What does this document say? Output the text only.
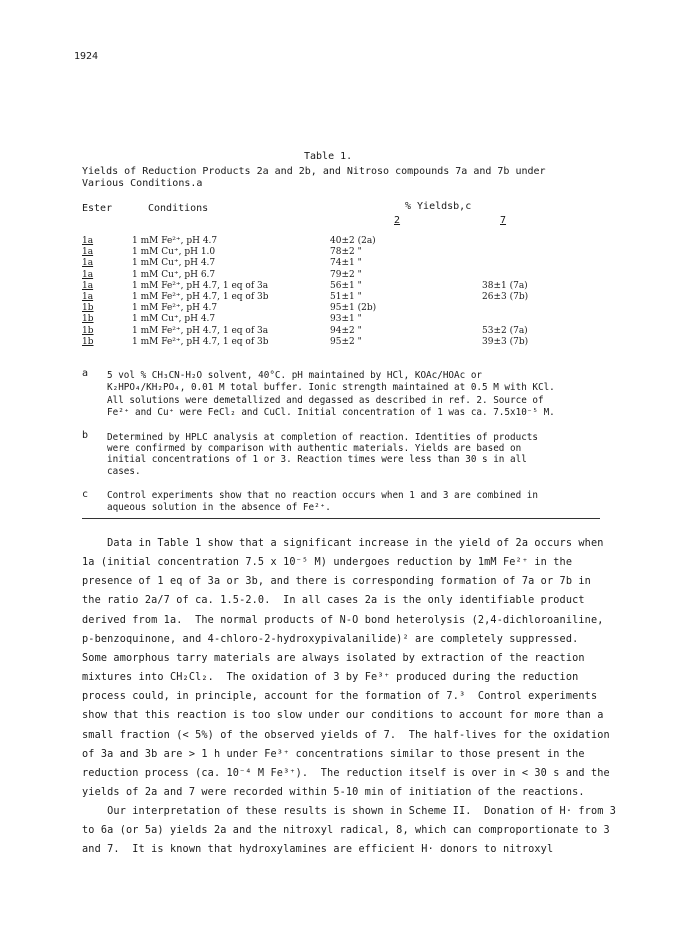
1924
Table 1.
Yields of Reduction Products 2a and 2b, and Nitroso compounds 7a and 7b under
Various Conditions.a
Ester	Conditions	% Yieldsb,c
2	7
1a	1 mM Fe²⁺, pH 4.7	40±2 (2a)
1a	1 mM Cu⁺, pH 1.0	78±2 "
1a	1 mM Cu⁺, pH 4.7	74±1 "
1a	1 mM Cu⁺, pH 6.7	79±2 "
1a	1 mM Fe²⁺, pH 4.7, 1 eq of 3a	56±1 "	38±1 (7a)
1a	1 mM Fe²⁺, pH 4.7, 1 eq of 3b	51±1 "	26±3 (7b)
1b	1 mM Fe²⁺, pH 4.7	95±1 (2b)
1b	1 mM Cu⁺, pH 4.7	93±1 "
1b	1 mM Fe²⁺, pH 4.7, 1 eq of 3a	94±2 "	53±2 (7a)
1b	1 mM Fe²⁺, pH 4.7, 1 eq of 3b	95±2 "	39±3 (7b)
a 5 vol % CH₃CN-H₂O solvent, 40°C. pH maintained by HCl, KOAc/HOAc or
K₂HPO₄/KH₂PO₄, 0.01 M total buffer. Ionic strength maintained at 0.5 M with KCl.
All solutions were demetallized and degassed as described in ref. 2. Source of
Fe²⁺ and Cu⁺ were FeCl₂ and CuCl. Initial concentration of 1 was ca. 7.5x10⁻⁵ M.
b Determined by HPLC analysis at completion of reaction. Identities of products
were confirmed by comparison with authentic materials. Yields are based on
initial concentrations of 1 or 3. Reaction times were less than 30 s in all
cases.
c Control experiments show that no reaction occurs when 1 and 3 are combined in
aqueous solution in the absence of Fe²⁺.
Data in Table 1 show that a significant increase in the yield of 2a occurs when
1a (initial concentration 7.5 x 10⁻⁵ M) undergoes reduction by 1mM Fe²⁺ in the
presence of 1 eq of 3a or 3b, and there is corresponding formation of 7a or 7b in
the ratio 2a/7 of ca. 1.5-2.0.  In all cases 2a is the only identifiable product
derived from 1a.  The normal products of N-O bond heterolysis (2,4-dichloroaniline,
p-benzoquinone, and 4-chloro-2-hydroxypivalanilide)² are completely suppressed.
Some amorphous tarry materials are always isolated by extraction of the reaction
mixtures into CH₂Cl₂.  The oxidation of 3 by Fe³⁺ produced during the reduction
process could, in principle, account for the formation of 7.³  Control experiments
show that this reaction is too slow under our conditions to account for more than a
small fraction (< 5%) of the observed yields of 7.  The half-lives for the oxidation
of 3a and 3b are > 1 h under Fe³⁺ concentrations similar to those present in the
reduction process (ca. 10⁻⁴ M Fe³⁺).  The reduction itself is over in < 30 s and the
yields of 2a and 7 were recorded within 5-10 min of initiation of the reactions.
Our interpretation of these results is shown in Scheme II.  Donation of H· from 3
to 6a (or 5a) yields 2a and the nitroxyl radical, 8, which can comproportionate to 3
and 7.  It is known that hydroxylamines are efficient H· donors to nitroxyl
